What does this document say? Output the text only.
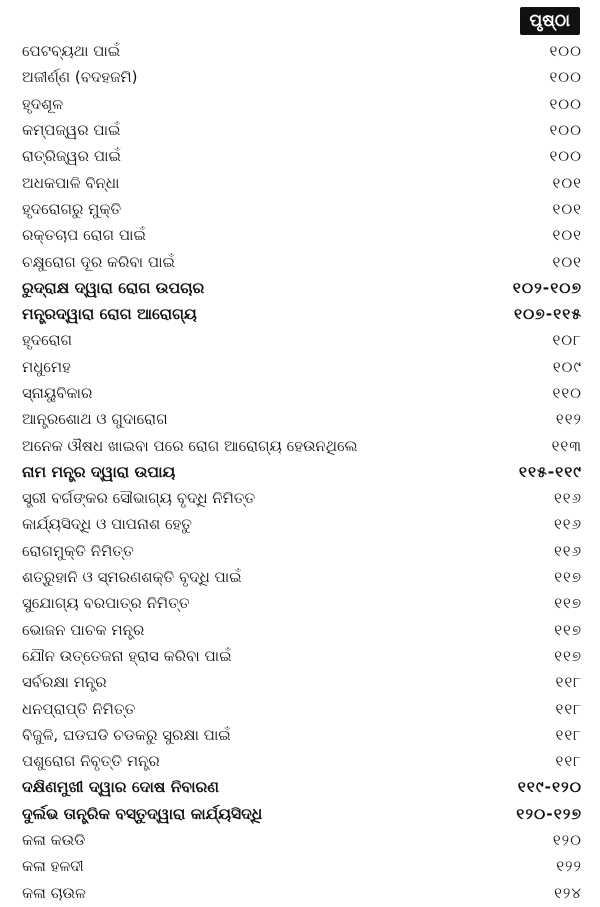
ପୃଷ୍ଠା
ପେଟବ୍ୟଥା ପାଇଁ	୧୦୦
ଅଜୀର୍ଣ୍ଣ (ବଦହଜମି)	୧୦୦
ହୃଦଶୂଳ	୧୦୦
କମ୍ପଜ୍ୱର ପାଇଁ	୧୦୦
ରାତ୍ରିଜ୍ୱର ପାଇଁ	୧୦୦
ଅଧକପାଳି ବିନ୍ଧା	୧୦୧
ହୃଦରୋଗରୁ ମୁକ୍ତି	୧୦୧
ରକ୍ତଚାପ ରୋଗ ପାଇଁ	୧୦୧
ଚକ୍ଷୁରୋଗ ଦୂର କରିବା ପାଇଁ	୧୦୧
ରୁଦ୍ରାକ୍ଷ ଦ୍ୱାରା ରୋଗ ଉପଚାର	୧୦୨-୧୦୭
ମନ୍ତ୍ରଦ୍ୱାରା ରୋଗ ଆରୋଗ୍ୟ	୧୦୭-୧୧୫
ହୃଦରୋଗ	୧୦୮
ମଧୁମେହ	୧୦୯
ସ୍ନାୟୁବିକାର	୧୧୦
ଆନ୍ତ୍ରଶୋଥ ଓ ଗୁଦାରୋଗ	୧୧୨
ଅନେକ ଔଷଧ ଖାଇବା ପରେ ରୋଗ ଆରୋଗ୍ୟ ହେଉନଥିଲେ	୧୧୩
ନାମ ମନ୍ତ୍ର ଦ୍ୱାରା ଉପାୟ	୧୧୫-୧୧୯
ସ୍ତ୍ରୀ ବର୍ଗଙ୍କର ସୌଭାଗ୍ୟ ବୃଦ୍ଧି ନିମିତ୍ତ	୧୧୬
କାର୍ଯ୍ୟସିଦ୍ଧି ଓ ପାପନାଶ ହେତୁ	୧୧୬
ରୋଗମୁକ୍ତି ନିମିତ୍ତ	୧୧୬
ଶତ୍ରୁହାନି ଓ ସ୍ମରଣଶକ୍ତି ବୃଦ୍ଧି ପାଇଁ	୧୧୭
ସୁଯୋଗ୍ୟ ବରପାତ୍ର ନିମିତ୍ତ	୧୧୭
ଭୋଜନ ପାଚକ ମନ୍ତ୍ର	୧୧୭
ଯୌନ ଉତ୍ତେଜନା ହ୍ରାସ କରିବା ପାଇଁ	୧୧୭
ସର୍ବରକ୍ଷା ମନ୍ତ୍ର	୧୧୮
ଧନପ୍ରାପ୍ତି ନିମିତ୍ତ	୧୧୮
ବିଜୁଳି, ଘଡଘଡି ଚଡକରୁ ସୁରକ୍ଷା ପାଇଁ	୧୧୮
ପଶୁରୋଗ ନିବୃତ୍ତି ମନ୍ତ୍ର	୧୧୮
ଦକ୍ଷିଣମୁଖୀ ଦ୍ୱାର ଦୋଷ ନିବାରଣ	୧୧୯-୧୨୦
ଦୁର୍ଲଭ ତାନ୍ତ୍ରିକ ବସ୍ତୁଦ୍ୱାରା କାର୍ଯ୍ୟସିଦ୍ଧି	୧୨୦-୧୨୭
କଳା କଉଡି	୧୨୦
କଳା ହଳଦୀ	୧୨୨
କଳା ଚାଉଳ	୧୨୪
